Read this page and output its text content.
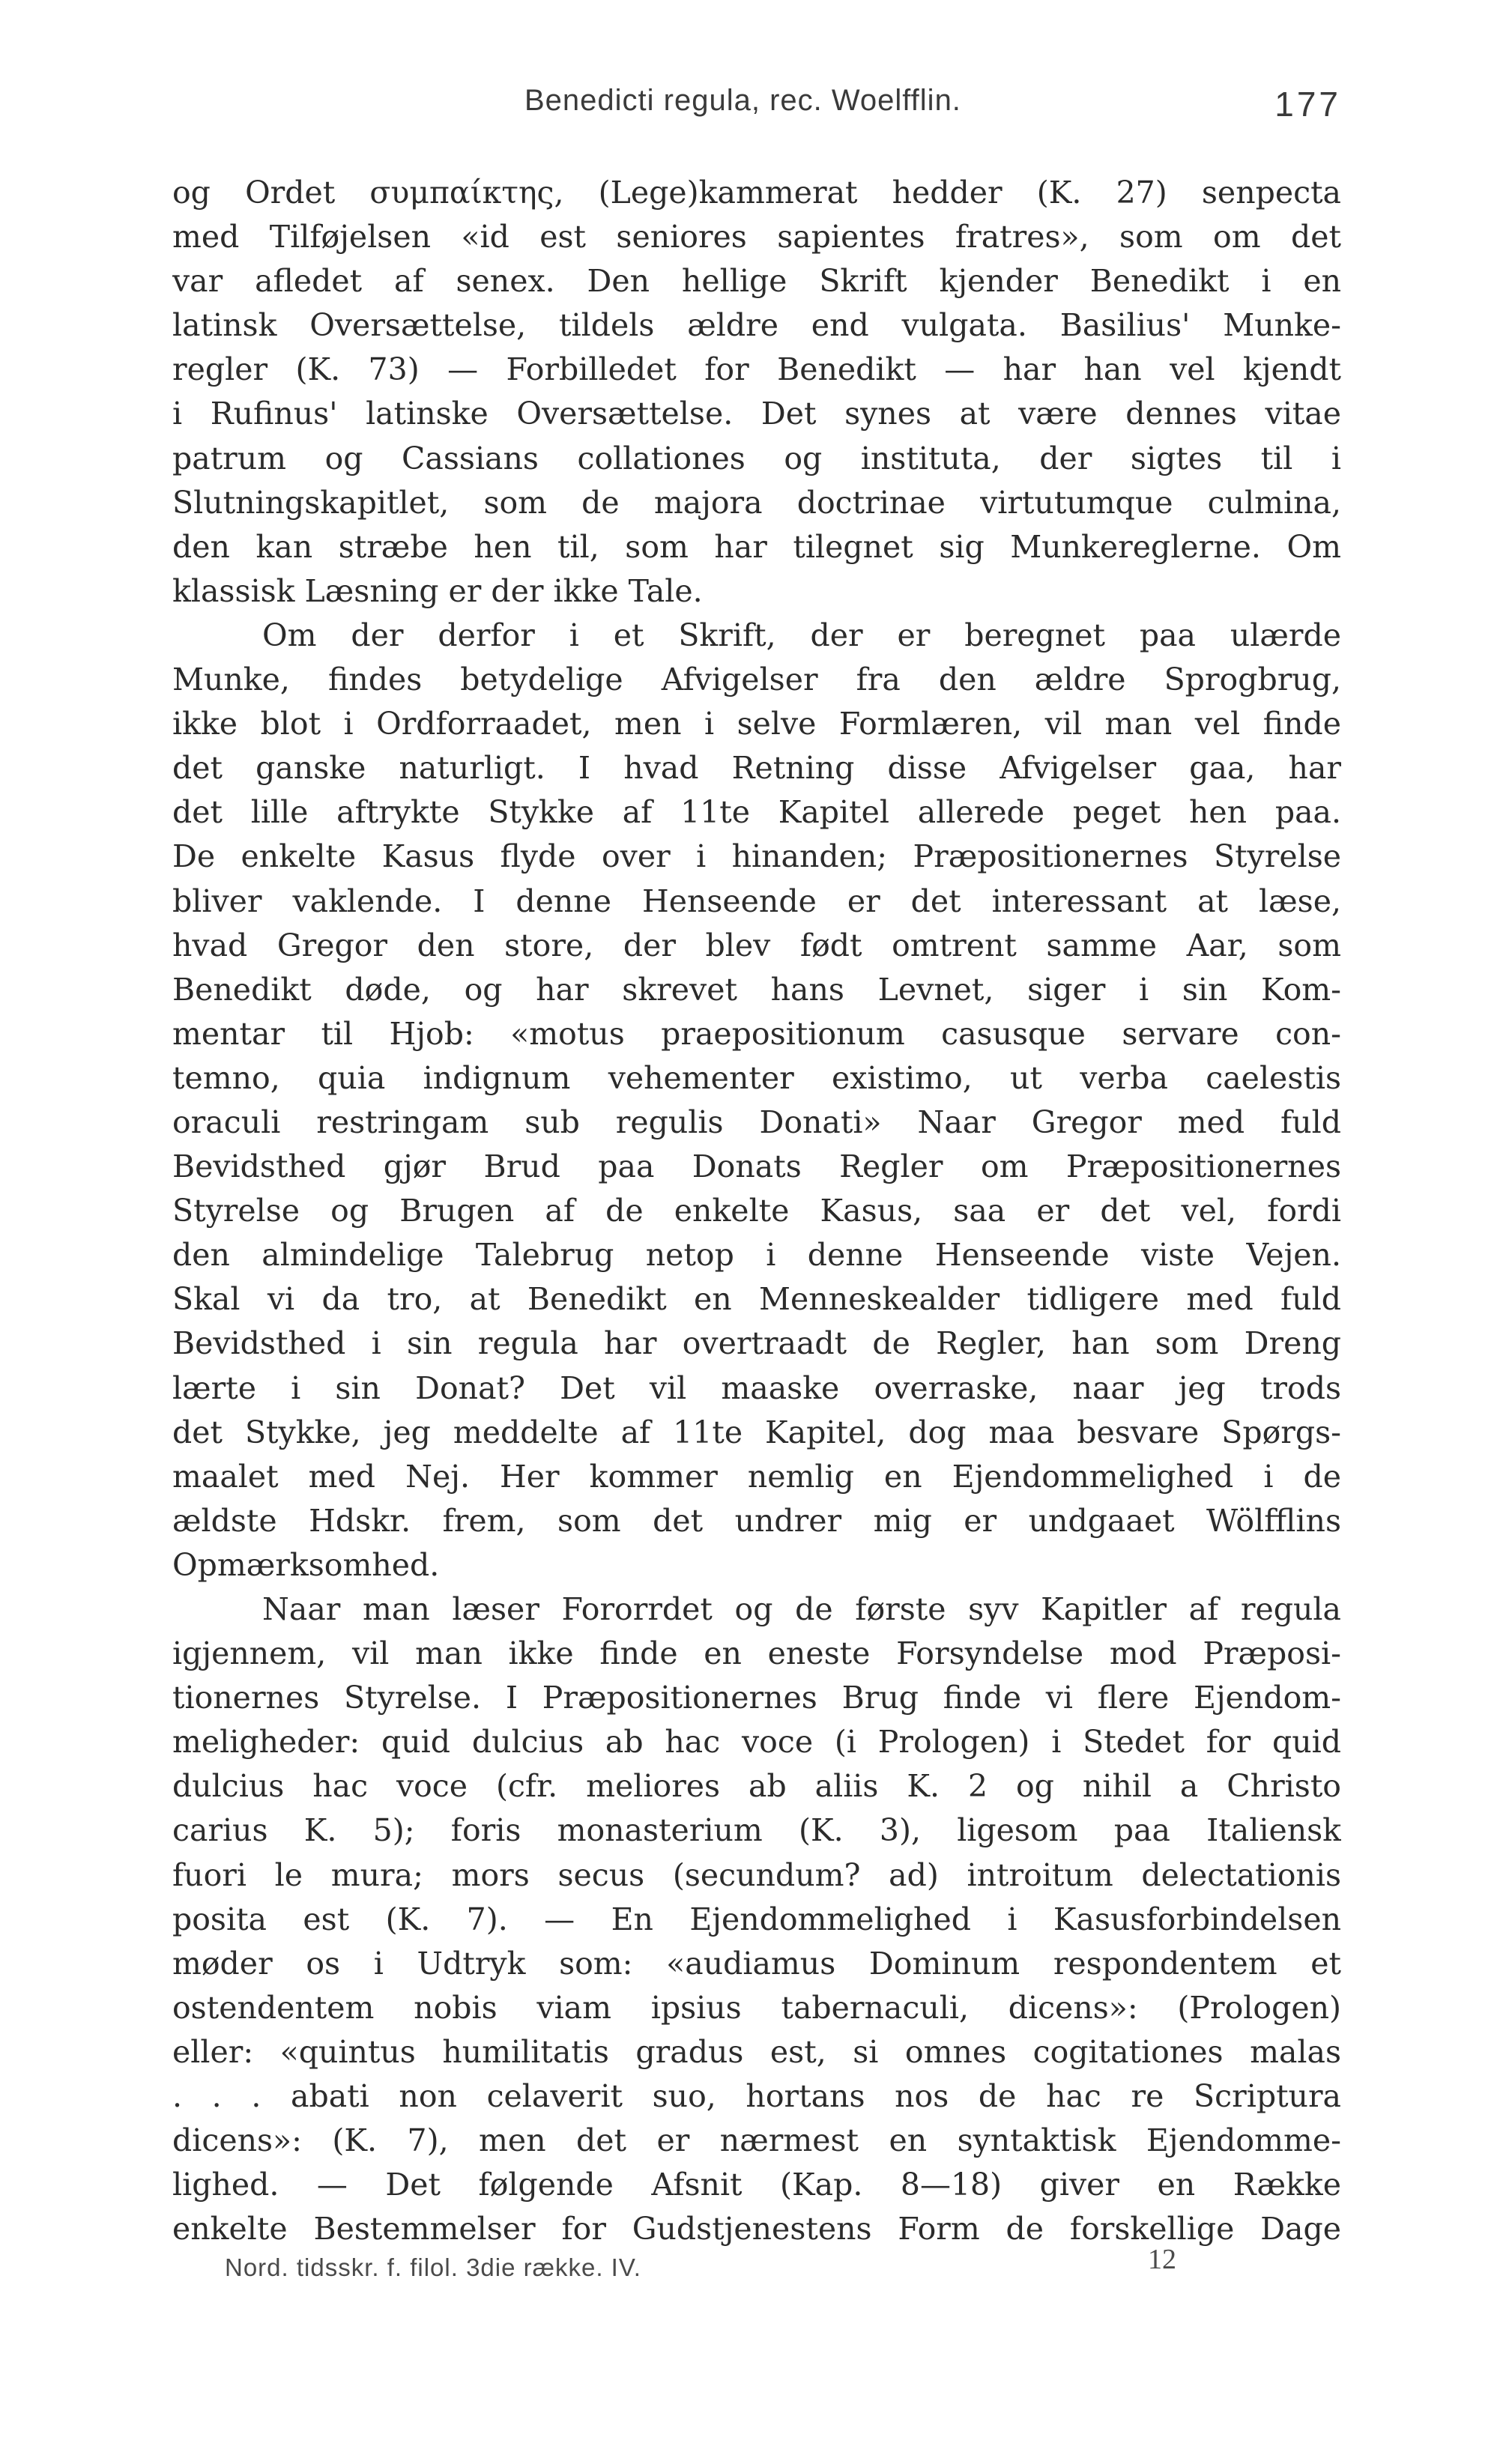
Benedicti regula, rec. Woelfflin.	177
og Ordet συμπαίκτης, (Lege)kammerat hedder (K. 27) senpecta
med Tilføjelsen «id est seniores sapientes fratres», som om det
var afledet af senex. Den hellige Skrift kjender Benedikt i en
latinsk Oversættelse, tildels ældre end vulgata. Basilius' Munke-
regler (K. 73) — Forbilledet for Benedikt — har han vel kjendt
i Rufinus' latinske Oversættelse. Det synes at være dennes vitae
patrum og Cassians collationes og instituta, der sigtes til i
Slutningskapitlet, som de majora doctrinae virtutumque culmina,
den kan stræbe hen til, som har tilegnet sig Munkereglerne. Om
klassisk Læsning er der ikke Tale.
Om der derfor i et Skrift, der er beregnet paa ulærde
Munke, findes betydelige Afvigelser fra den ældre Sprogbrug,
ikke blot i Ordforraadet, men i selve Formlæren, vil man vel finde
det ganske naturligt. I hvad Retning disse Afvigelser gaa, har
det lille aftrykte Stykke af 11te Kapitel allerede peget hen paa.
De enkelte Kasus flyde over i hinanden; Præpositionernes Styrelse
bliver vaklende. I denne Henseende er det interessant at læse,
hvad Gregor den store, der blev født omtrent samme Aar, som
Benedikt døde, og har skrevet hans Levnet, siger i sin Kom-
mentar til Hjob: «motus praepositionum casusque servare con-
temno, quia indignum vehementer existimo, ut verba caelestis
oraculi restringam sub regulis Donati» Naar Gregor med fuld
Bevidsthed gjør Brud paa Donats Regler om Præpositionernes
Styrelse og Brugen af de enkelte Kasus, saa er det vel, fordi
den almindelige Talebrug netop i denne Henseende viste Vejen.
Skal vi da tro, at Benedikt en Menneskealder tidligere med fuld
Bevidsthed i sin regula har overtraadt de Regler, han som Dreng
lærte i sin Donat? Det vil maaske overraske, naar jeg trods
det Stykke, jeg meddelte af 11te Kapitel, dog maa besvare Spørgs-
maalet med Nej. Her kommer nemlig en Ejendommelighed i de
ældste Hdskr. frem, som det undrer mig er undgaaet Wölfflins
Opmærksomhed.
Naar man læser Fororrdet og de første syv Kapitler af regula
igjennem, vil man ikke finde en eneste Forsyndelse mod Præposi-
tionernes Styrelse. I Præpositionernes Brug finde vi flere Ejendom-
meligheder: quid dulcius ab hac voce (i Prologen) i Stedet for quid
dulcius hac voce (cfr. meliores ab aliis K. 2 og nihil a Christo
carius K. 5); foris monasterium (K. 3), ligesom paa Italiensk
fuori le mura; mors secus (secundum? ad) introitum delectationis
posita est (K. 7). — En Ejendommelighed i Kasusforbindelsen
møder os i Udtryk som: «audiamus Dominum respondentem et
ostendentem nobis viam ipsius tabernaculi, dicens»: (Prologen)
eller: «quintus humilitatis gradus est, si omnes cogitationes malas
. . . abati non celaverit suo, hortans nos de hac re Scriptura
dicens»: (K. 7), men det er nærmest en syntaktisk Ejendomme-
lighed. — Det følgende Afsnit (Kap. 8—18) giver en Række
enkelte Bestemmelser for Gudstjenestens Form de forskellige Dage
Nord. tidsskr. f. filol. 3die række. IV.	12
